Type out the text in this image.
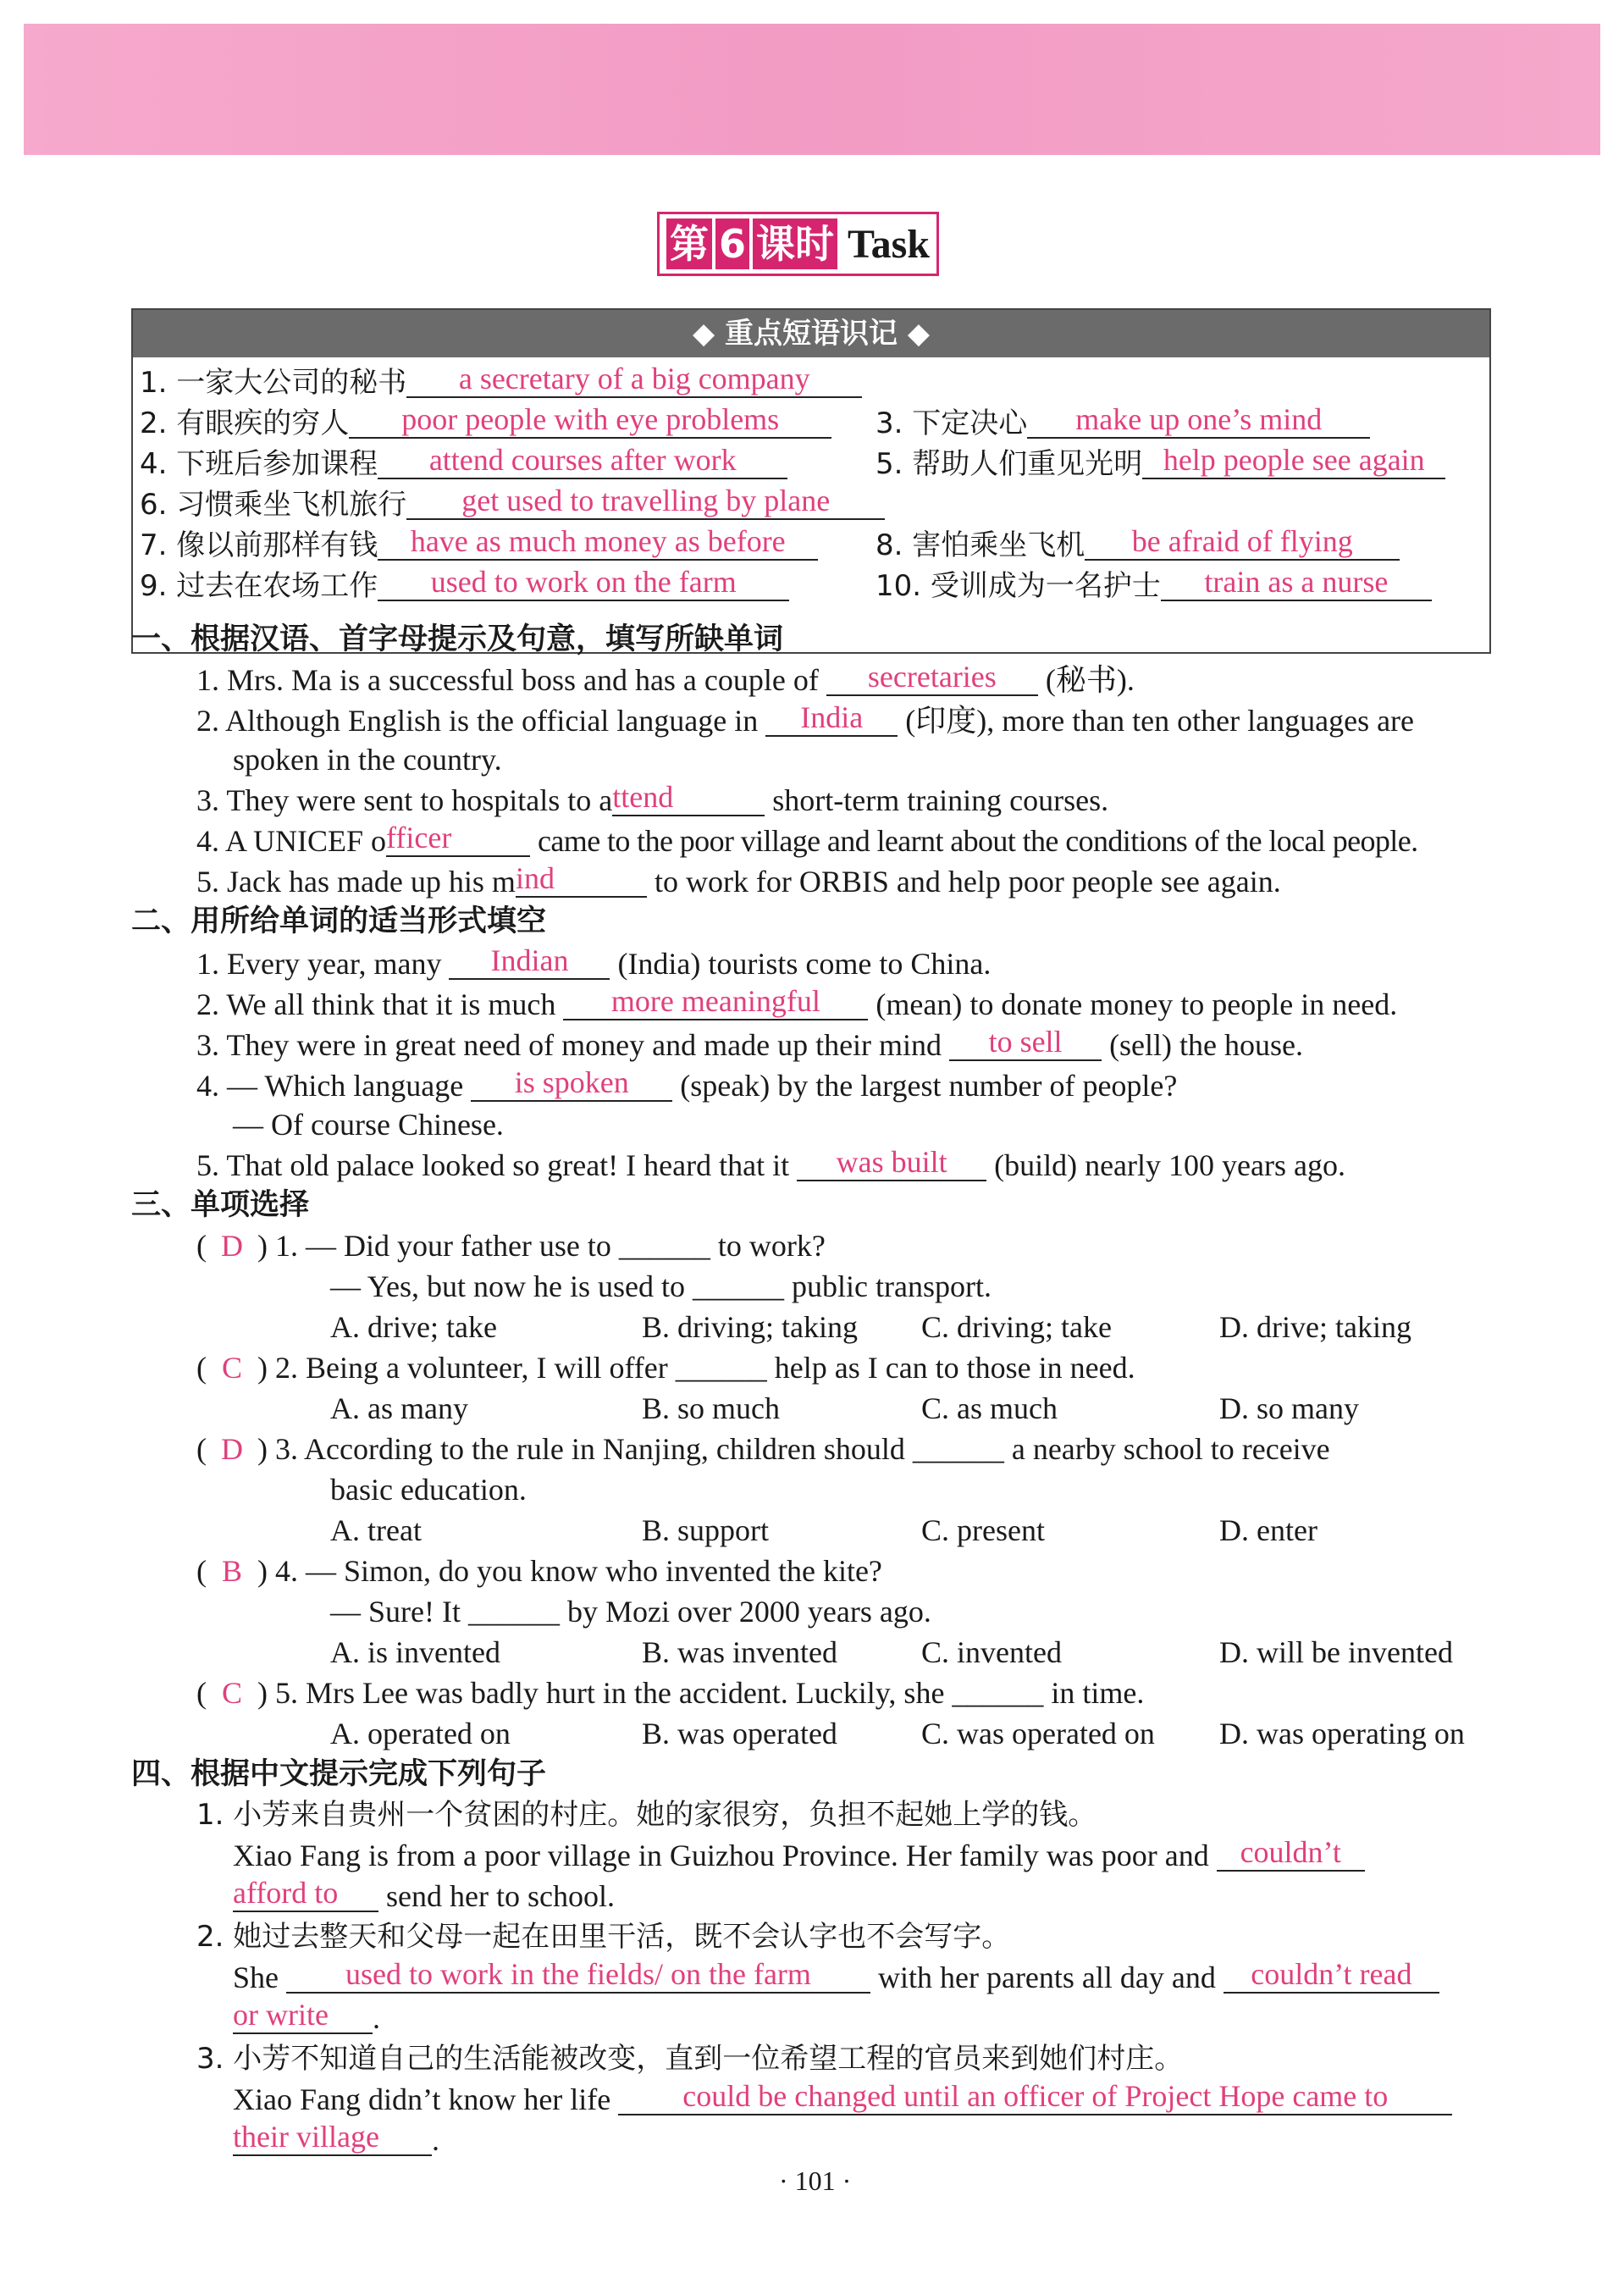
第 6 课时 Task
◆ 重点短语识记 ◆
1. 一家大公司的秘书 a secretary of a big company
2. 有眼疾的穷人 poor people with eye problems	3. 下定决心 make up one’s mind
4. 下班后参加课程 attend courses after work	5. 帮助人们重见光明 help people see again
6. 习惯乘坐飞机旅行 get used to travelling by plane
7. 像以前那样有钱 have as much money as before	8. 害怕乘坐飞机 be afraid of flying
9. 过去在农场工作 used to work on the farm	10. 受训成为一名护士 train as a nurse
一、根据汉语、首字母提示及句意，填写所缺单词
1. Mrs. Ma is a successful boss and has a couple of secretaries (秘书).
2. Although English is the official language in India (印度), more than ten other languages are
spoken in the country.
3. They were sent to hospitals to attend	short-term training courses.
4. A UNICEF officer	came to the poor village and learnt about the conditions of the local people.
5. Jack has made up his mind	to work for ORBIS and help poor people see again.
二、用所给单词的适当形式填空
1. Every year, many Indian (India) tourists come to China.
2. We all think that it is much more meaningful (mean) to donate money to people in need.
3. They were in great need of money and made up their mind to sell (sell) the house.
4. — Which language is spoken (speak) by the largest number of people?
— Of course Chinese.
5. That old palace looked so great! I heard that it was built (build) nearly 100 years ago.
三、单项选择
( D ) 1. — Did your father use to ______ to work?
— Yes, but now he is used to ______ public transport.
A. drive; take	B. driving; taking C. driving; take	D. drive; taking
( C ) 2. Being a volunteer, I will offer ______ help as I can to those in need.
A. as many	B. so much	C. as much	D. so many
( D ) 3. According to the rule in Nanjing, children should ______ a nearby school to receive
basic education.
A. treat	B. support	C. present	D. enter
( B ) 4. — Simon, do you know who invented the kite?
— Sure! It ______ by Mozi over 2000 years ago.
A. is invented	B. was invented	C. invented	D. will be invented
( C ) 5. Mrs Lee was badly hurt in the accident. Luckily, she ______ in time.
A. operated on	B. was operated	C. was operated on D. was operating on
四、根据中文提示完成下列句子
1. 小芳来自贵州一个贫困的村庄。她的家很穷，负担不起她上学的钱。
Xiao Fang is from a poor village in Guizhou Province. Her family was poor and couldn’t
afford to send her to school.
2. 她过去整天和父母一起在田里干活，既不会认字也不会写字。
She used to work in the fields/ on the farm with her parents all day and couldn’t read
or write .
3. 小芳不知道自己的生活能被改变，直到一位希望工程的官员来到她们村庄。
Xiao Fang didn’t know her life could be changed until an officer of Project Hope came to
their village .
· 101 ·
